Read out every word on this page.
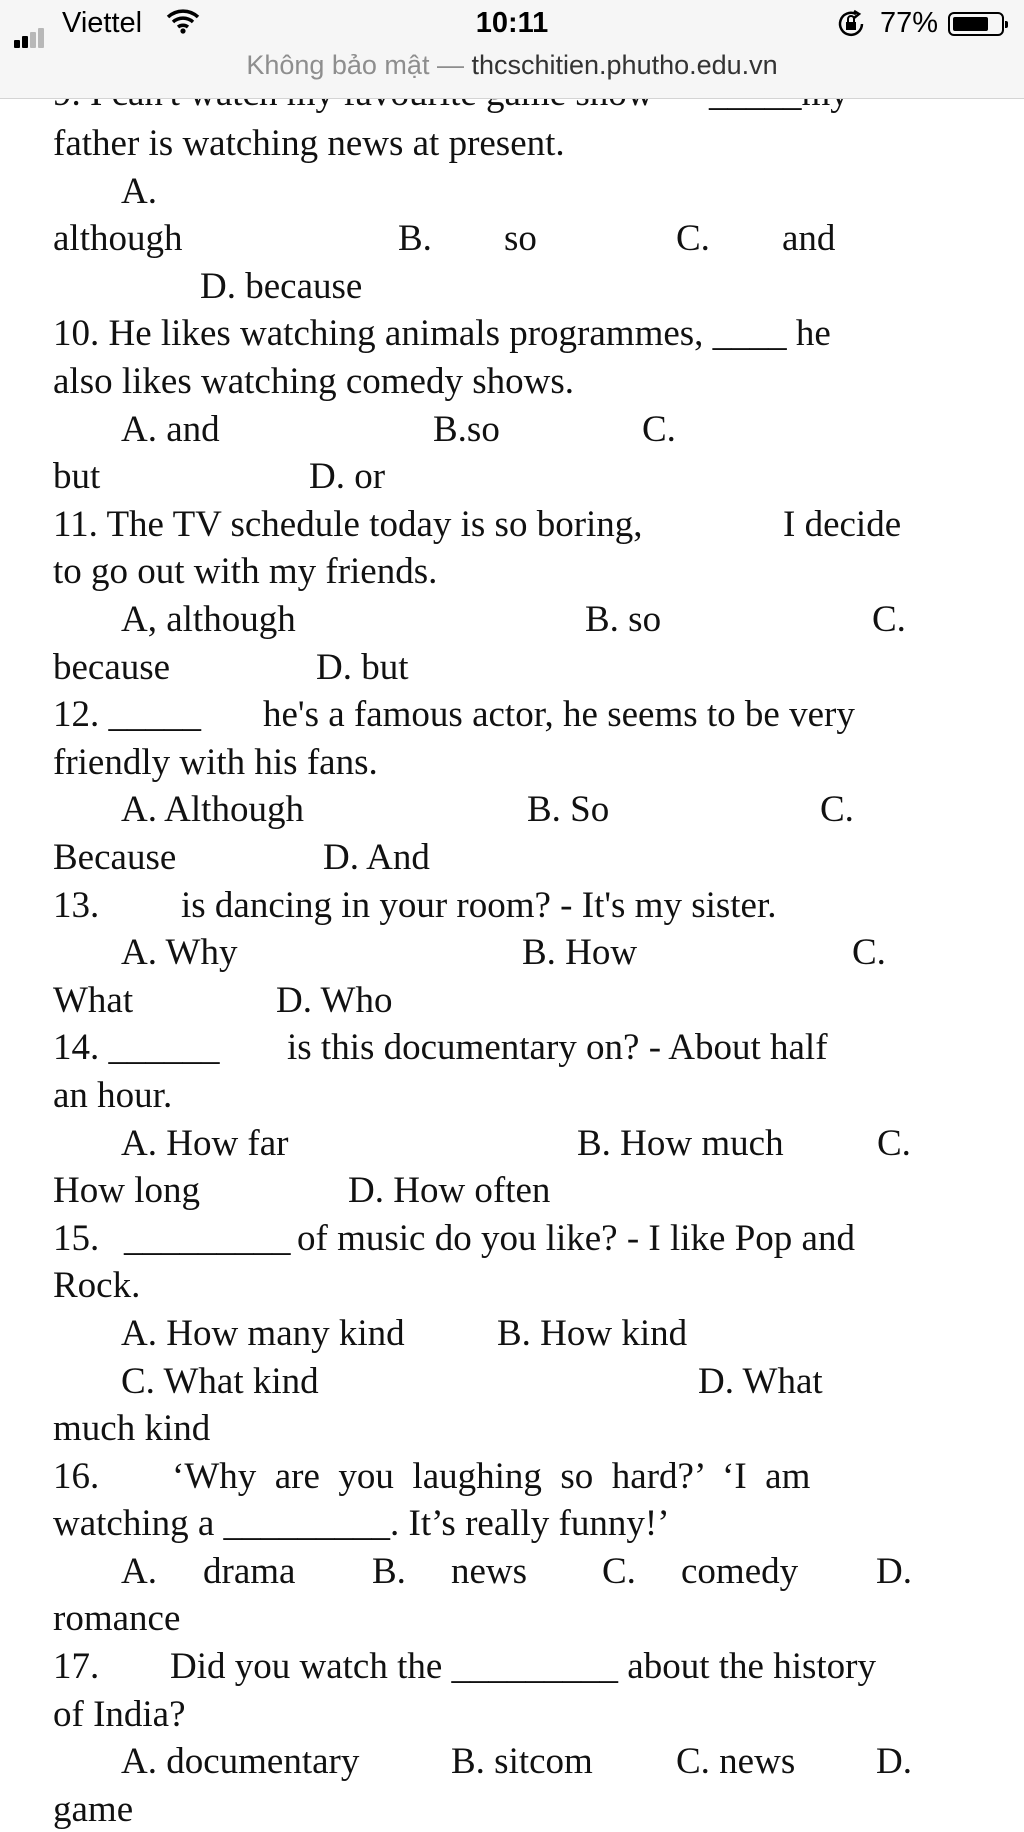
Viettel	10:11	77%
Không bảo mật — thcschitien.phutho.edu.vn
father is watching news at present.
A.
although	B. so	C. and
D. because
10. He likes watching animals programmes, ____ he
also likes watching comedy shows.
A. and	B.so	C.
but	D. or
11. The TV schedule today is so boring,	I decide
to go out with my friends.
A, although	B. so	C.
because	D. but
12. _____ he's a famous actor, he seems to be very
friendly with his fans.
A. Although	B. So	C.
Because	D. And
13. is dancing in your room? - It's my sister.
A. Why	B. How	C.
What	D. Who
14. ______ is this documentary on? - About half
an hour.
A. How far	B. How much	C.
How long	D. How often
15. _________ of music do you like? - I like Pop and
Rock.
A. How many kind B. How kind
C. What kind	D. What
much kind
16. ‘Why  are  you  laughing  so  hard?’  ‘I  am
watching a _________. It’s really funny!’
A. drama B. news C. comedy D.
romance
17. Did you watch the _________ about the history
of India?
A. documentary B. sitcom C. news D.
game
